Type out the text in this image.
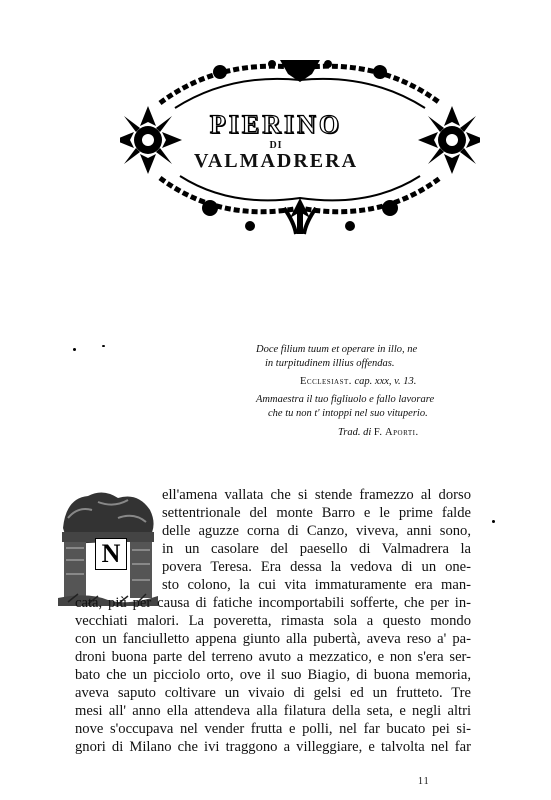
PIERINO
DI
VALMADRERA
Doce filium tuum et operare in illo, ne
in turpitudinem illius offendas.
Ecclesiast. cap. xxx, v. 13.
Ammaestra il tuo figliuolo e fallo lavorare
che tu non t' intoppi nel suo vituperio.
Trad. di F. Aporti.
N
ell'amena vallata che si stende framezzo al dorso
settentrionale del monte Barro e le prime falde
delle aguzze corna di Canzo, viveva, anni sono,
in un casolare del paesello di Valmadrera la
povera Teresa. Era dessa la vedova di un one-
sto colono, la cui vita immaturamente era man-
cata, più per causa di fatiche incomportabili sofferte, che per in-
vecchiati malori. La poveretta, rimasta sola a questo mondo
con un fanciulletto appena giunto alla pubertà, aveva reso a' pa-
droni buona parte del terreno avuto a mezzatico, e non s'era ser-
bato che un picciolo orto, ove il suo Biagio, di buona memoria,
aveva saputo coltivare un vivaio di gelsi ed un frutteto. Tre
mesi all' anno ella attendeva alla filatura della seta, e negli altri
nove s'occupava nel vender frutta e polli, nel far bucato pei si-
gnori di Milano che ivi traggono a villeggiare, e talvolta nel far
11
